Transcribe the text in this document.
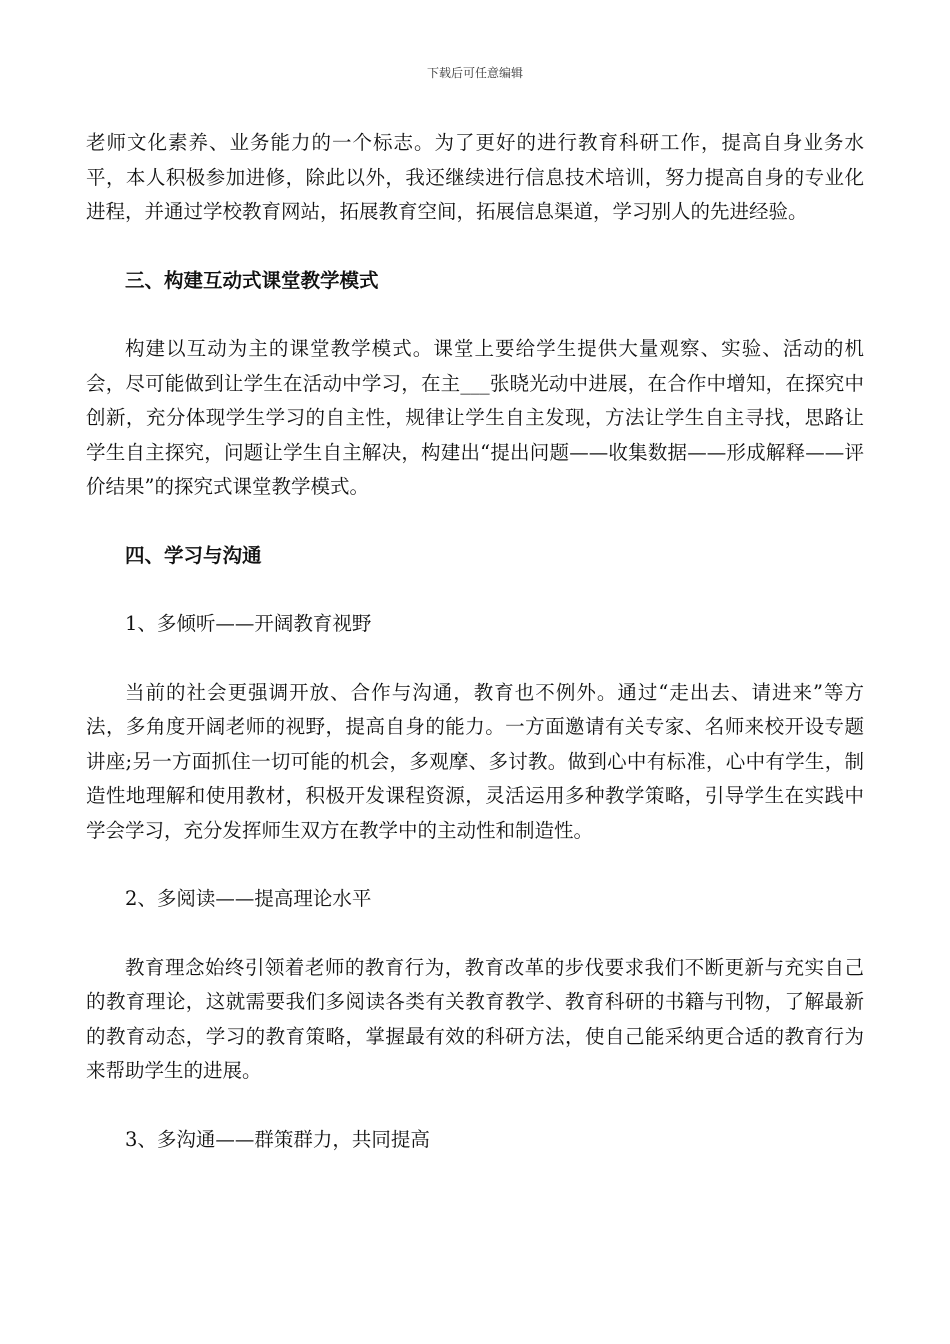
下载后可任意编辑

老师文化素养、业务能力的一个标志。为了更好的进行教育科研工作，提高自身业务水平，本人积极参加进修，除此以外，我还继续进行信息技术培训，努力提高自身的专业化进程，并通过学校教育网站，拓展教育空间，拓展信息渠道，学习别人的先进经验。

三、构建互动式课堂教学模式

构建以互动为主的课堂教学模式。课堂上要给学生提供大量观察、实验、活动的机会，尽可能做到让学生在活动中学习，在主___张晓光动中进展，在合作中增知，在探究中创新，充分体现学生学习的自主性，规律让学生自主发现，方法让学生自主寻找，思路让学生自主探究，问题让学生自主解决，构建出“提出问题——收集数据——形成解释——评价结果”的探究式课堂教学模式。

四、学习与沟通

1、多倾听——开阔教育视野

当前的社会更强调开放、合作与沟通，教育也不例外。通过“走出去、请进来”等方法，多角度开阔老师的视野，提高自身的能力。一方面邀请有关专家、名师来校开设专题讲座;另一方面抓住一切可能的机会，多观摩、多讨教。做到心中有标准，心中有学生，制造性地理解和使用教材，积极开发课程资源，灵活运用多种教学策略，引导学生在实践中学会学习，充分发挥师生双方在教学中的主动性和制造性。

2、多阅读——提高理论水平

教育理念始终引领着老师的教育行为，教育改革的步伐要求我们不断更新与充实自己的教育理论，这就需要我们多阅读各类有关教育教学、教育科研的书籍与刊物，了解最新的教育动态，学习的教育策略，掌握最有效的科研方法，使自己能采纳更合适的教育行为来帮助学生的进展。

3、多沟通——群策群力，共同提高
